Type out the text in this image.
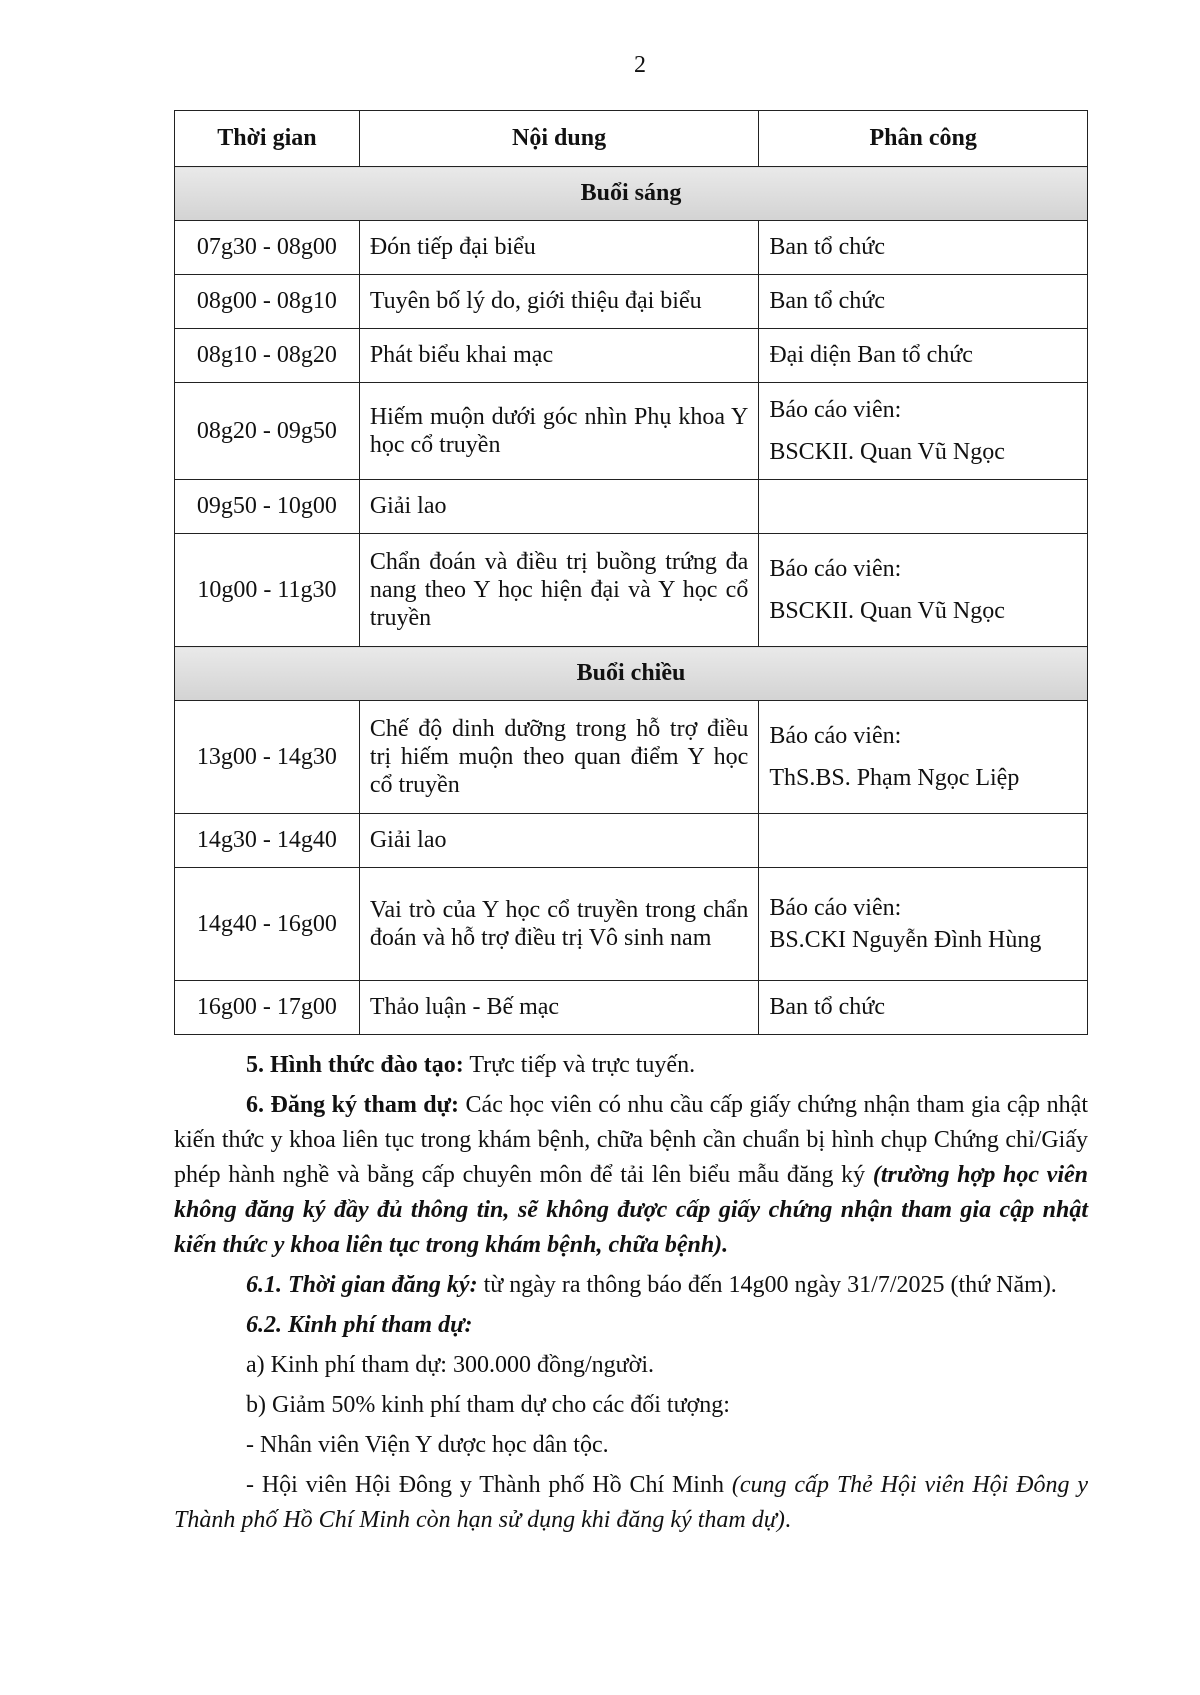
2
Thời gian	Nội dung	Phân công
Buổi sáng		
07g30 - 08g00	Đón tiếp đại biểu	Ban tổ chức
08g00 - 08g10	Tuyên bố lý do, giới thiệu đại biểu	Ban tổ chức
08g10 - 08g20	Phát biểu khai mạc	Đại diện Ban tổ chức
08g20 - 09g50	Hiếm muộn dưới góc nhìn Phụ khoa Y học cổ truyền	Báo cáo viên:
BSCKII. Quan Vũ Ngọc

09g50 - 10g00	Giải lao	
10g00 - 11g30	Chẩn đoán và điều trị buồng trứng đa nang theo Y học hiện đại và Y học cổ truyền	Báo cáo viên:
BSCKII. Quan Vũ Ngọc

Buổi chiều		
13g00 - 14g30	Chế độ dinh dưỡng trong hỗ trợ điều trị hiếm muộn theo quan điểm Y học cổ truyền	Báo cáo viên:
ThS.BS. Phạm Ngọc Liệp

14g30 - 14g40	Giải lao	
14g40 - 16g00	Vai trò của Y học cổ truyền trong chẩn đoán và hỗ trợ điều trị Vô sinh nam	Báo cáo viên:
BS.CKI Nguyễn Đình Hùng

16g00 - 17g00	Thảo luận - Bế mạc	Ban tổ chức

5. Hình thức đào tạo: Trực tiếp và trực tuyến.

6. Đăng ký tham dự: Các học viên có nhu cầu cấp giấy chứng nhận tham gia cập nhật kiến thức y khoa liên tục trong khám bệnh, chữa bệnh cần chuẩn bị hình chụp Chứng chỉ/Giấy phép hành nghề và bằng cấp chuyên môn để tải lên biểu mẫu đăng ký (trường hợp học viên không đăng ký đầy đủ thông tin, sẽ không được cấp giấy chứng nhận tham gia cập nhật kiến thức y khoa liên tục trong khám bệnh, chữa bệnh).

6.1. Thời gian đăng ký: từ ngày ra thông báo đến 14g00 ngày 31/7/2025 (thứ Năm).

6.2. Kinh phí tham dự:

a) Kinh phí tham dự: 300.000 đồng/người.

b) Giảm 50% kinh phí tham dự cho các đối tượng:

- Nhân viên Viện Y dược học dân tộc.

- Hội viên Hội Đông y Thành phố Hồ Chí Minh (cung cấp Thẻ Hội viên Hội Đông y Thành phố Hồ Chí Minh còn hạn sử dụng khi đăng ký tham dự).
